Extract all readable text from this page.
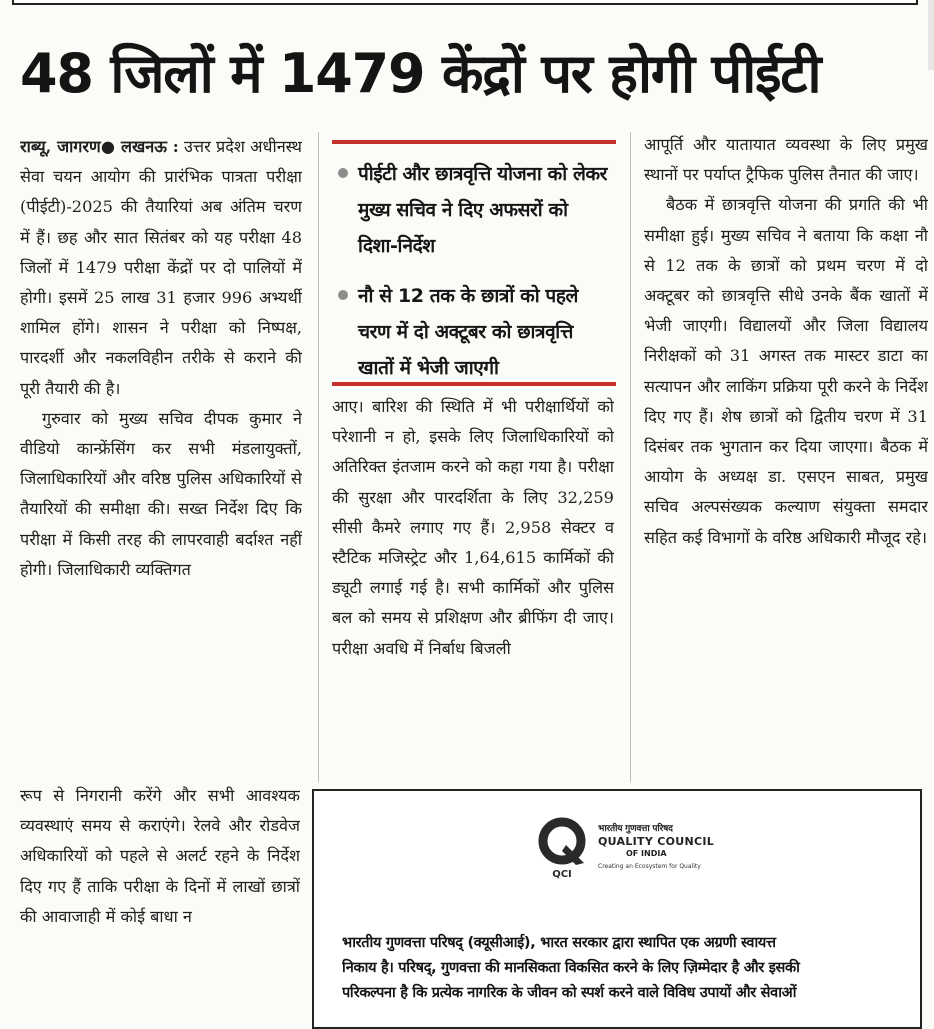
48 जिलों में 1479 केंद्रों पर होगी पीईटी

राब्यू, जागरण● लखनऊ : उत्तर प्रदेश अधीनस्थ सेवा चयन आयोग की प्रारंभिक पात्रता परीक्षा (पीईटी)-2025 की तैयारियां अब अंतिम चरण में हैं। छह और सात सितंबर को यह परीक्षा 48 जिलों में 1479 परीक्षा केंद्रों पर दो पालियों में होगी। इसमें 25 लाख 31 हजार 996 अभ्यर्थी शामिल होंगे। शासन ने परीक्षा को निष्पक्ष, पारदर्शी और नकलविहीन तरीके से कराने की पूरी तैयारी की है।

गुरुवार को मुख्य सचिव दीपक कुमार ने वीडियो कान्फ्रेंसिंग कर सभी मंडलायुक्तों, जिलाधिकारियों और वरिष्ठ पुलिस अधिकारियों से तैयारियों की समीक्षा की। सख्त निर्देश दिए कि परीक्षा में किसी तरह की लापरवाही बर्दाश्त नहीं होगी। जिलाधिकारी व्यक्तिगत

रूप से निगरानी करेंगे और सभी आवश्यक व्यवस्थाएं समय से कराएंगे। रेलवे और रोडवेज अधिकारियों को पहले से अलर्ट रहने के निर्देश दिए गए हैं ताकि परीक्षा के दिनों में लाखों छात्रों की आवाजाही में कोई बाधा न

पीईटी और छात्रवृत्ति योजना को लेकर मुख्य सचिव ने दिए अफसरों को दिशा-निर्देश
नौ से 12 तक के छात्रों को पहले चरण में दो अक्टूबर को छात्रवृत्ति खातों में भेजी जाएगी

आए। बारिश की स्थिति में भी परीक्षार्थियों को परेशानी न हो, इसके लिए जिलाधिकारियों को अतिरिक्त इंतजाम करने को कहा गया है। परीक्षा की सुरक्षा और पारदर्शिता के लिए 32,259 सीसी कैमरे लगाए गए हैं। 2,958 सेक्टर व स्टैटिक मजिस्ट्रेट और 1,64,615 कार्मिकों की ड्यूटी लगाई गई है। सभी कार्मिकों और पुलिस बल को समय से प्रशिक्षण और ब्रीफिंग दी जाए। परीक्षा अवधि में निर्बाध बिजली

आपूर्ति और यातायात व्यवस्था के लिए प्रमुख स्थानों पर पर्याप्त ट्रैफिक पुलिस तैनात की जाए।

बैठक में छात्रवृत्ति योजना की प्रगति की भी समीक्षा हुई। मुख्य सचिव ने बताया कि कक्षा नौ से 12 तक के छात्रों को प्रथम चरण में दो अक्टूबर को छात्रवृत्ति सीधे उनके बैंक खातों में भेजी जाएगी। विद्यालयों और जिला विद्यालय निरीक्षकों को 31 अगस्त तक मास्टर डाटा का सत्यापन और लाकिंग प्रक्रिया पूरी करने के निर्देश दिए गए हैं। शेष छात्रों को द्वितीय चरण में 31 दिसंबर तक भुगतान कर दिया जाएगा। बैठक में आयोग के अध्यक्ष डा. एसएन साबत, प्रमुख सचिव अल्पसंख्यक कल्याण संयुक्ता समदार सहित कई विभागों के वरिष्ठ अधिकारी मौजूद रहे।

QCI
भारतीय गुणवत्ता परिषद
QUALITY COUNCIL
OF INDIA
Creating an Ecosystem for Quality
भारतीय गुणवत्ता परिषद् (क्यूसीआई), भारत सरकार द्वारा स्थापित एक अग्रणी स्वायत्त
निकाय है। परिषद्, गुणवत्ता की मानसिकता विकसित करने के लिए ज़िम्मेदार है और इसकी
परिकल्पना है कि प्रत्येक नागरिक के जीवन को स्पर्श करने वाले विविध उपायों और सेवाओं
